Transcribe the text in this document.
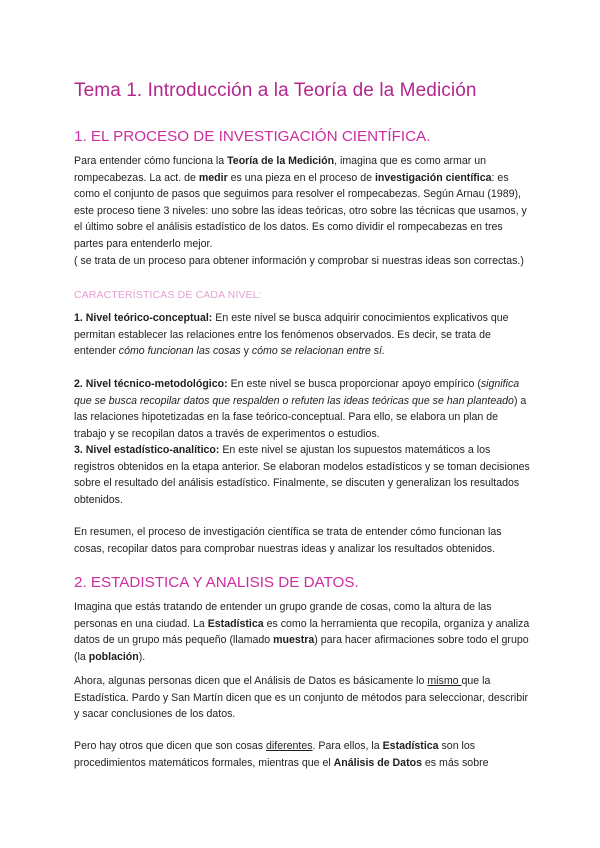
Tema 1. Introducción a la Teoría de la Medición
1. EL PROCESO DE INVESTIGACIÓN CIENTÍFICA.

Para entender cómo funciona la Teoría de la Medición, imagina que es como armar un rompecabezas. La act. de medir es una pieza en el proceso de investigación científica: es como el conjunto de pasos que seguimos para resolver el rompecabezas. Según Arnau (1989), este proceso tiene 3 niveles: uno sobre las ideas teóricas, otro sobre las técnicas que usamos, y el último sobre el análisis estadístico de los datos. Es como dividir el rompecabezas en tres partes para entenderlo mejor.

( se trata de un proceso para obtener información y comprobar si nuestras ideas son correctas.)

CARACTERÍSTICAS DE CADA NIVEL:

1. Nivel teórico-conceptual: En este nivel se busca adquirir conocimientos explicativos que permitan establecer las relaciones entre los fenómenos observados. Es decir, se trata de entender cómo funcionan las cosas y cómo se relacionan entre sí.

2. Nivel técnico-metodológico: En este nivel se busca proporcionar apoyo empírico (significa que se busca recopilar datos que respalden o refuten las ideas teóricas que se han planteado) a las relaciones hipotetizadas en la fase teórico-conceptual. Para ello, se elabora un plan de trabajo y se recopilan datos a través de experimentos o estudios.

3. Nivel estadístico-analítico: En este nivel se ajustan los supuestos matemáticos a los registros obtenidos en la etapa anterior. Se elaboran modelos estadísticos y se toman decisiones sobre el resultado del análisis estadístico. Finalmente, se discuten y generalizan los resultados obtenidos.

En resumen, el proceso de investigación científica se trata de entender cómo funcionan las cosas, recopilar datos para comprobar nuestras ideas y analizar los resultados obtenidos.

2. ESTADISTICA Y ANALISIS DE DATOS.

Imagina que estás tratando de entender un grupo grande de cosas, como la altura de las personas en una ciudad. La Estadística es como la herramienta que recopila, organiza y analiza datos de un grupo más pequeño (llamado muestra) para hacer afirmaciones sobre todo el grupo (la población).

Ahora, algunas personas dicen que el Análisis de Datos es básicamente lo mismo que la Estadística. Pardo y San Martín dicen que es un conjunto de métodos para seleccionar, describir y sacar conclusiones de los datos.

Pero hay otros que dicen que son cosas diferentes. Para ellos, la Estadística son los procedimientos matemáticos formales, mientras que el Análisis de Datos es más sobre
